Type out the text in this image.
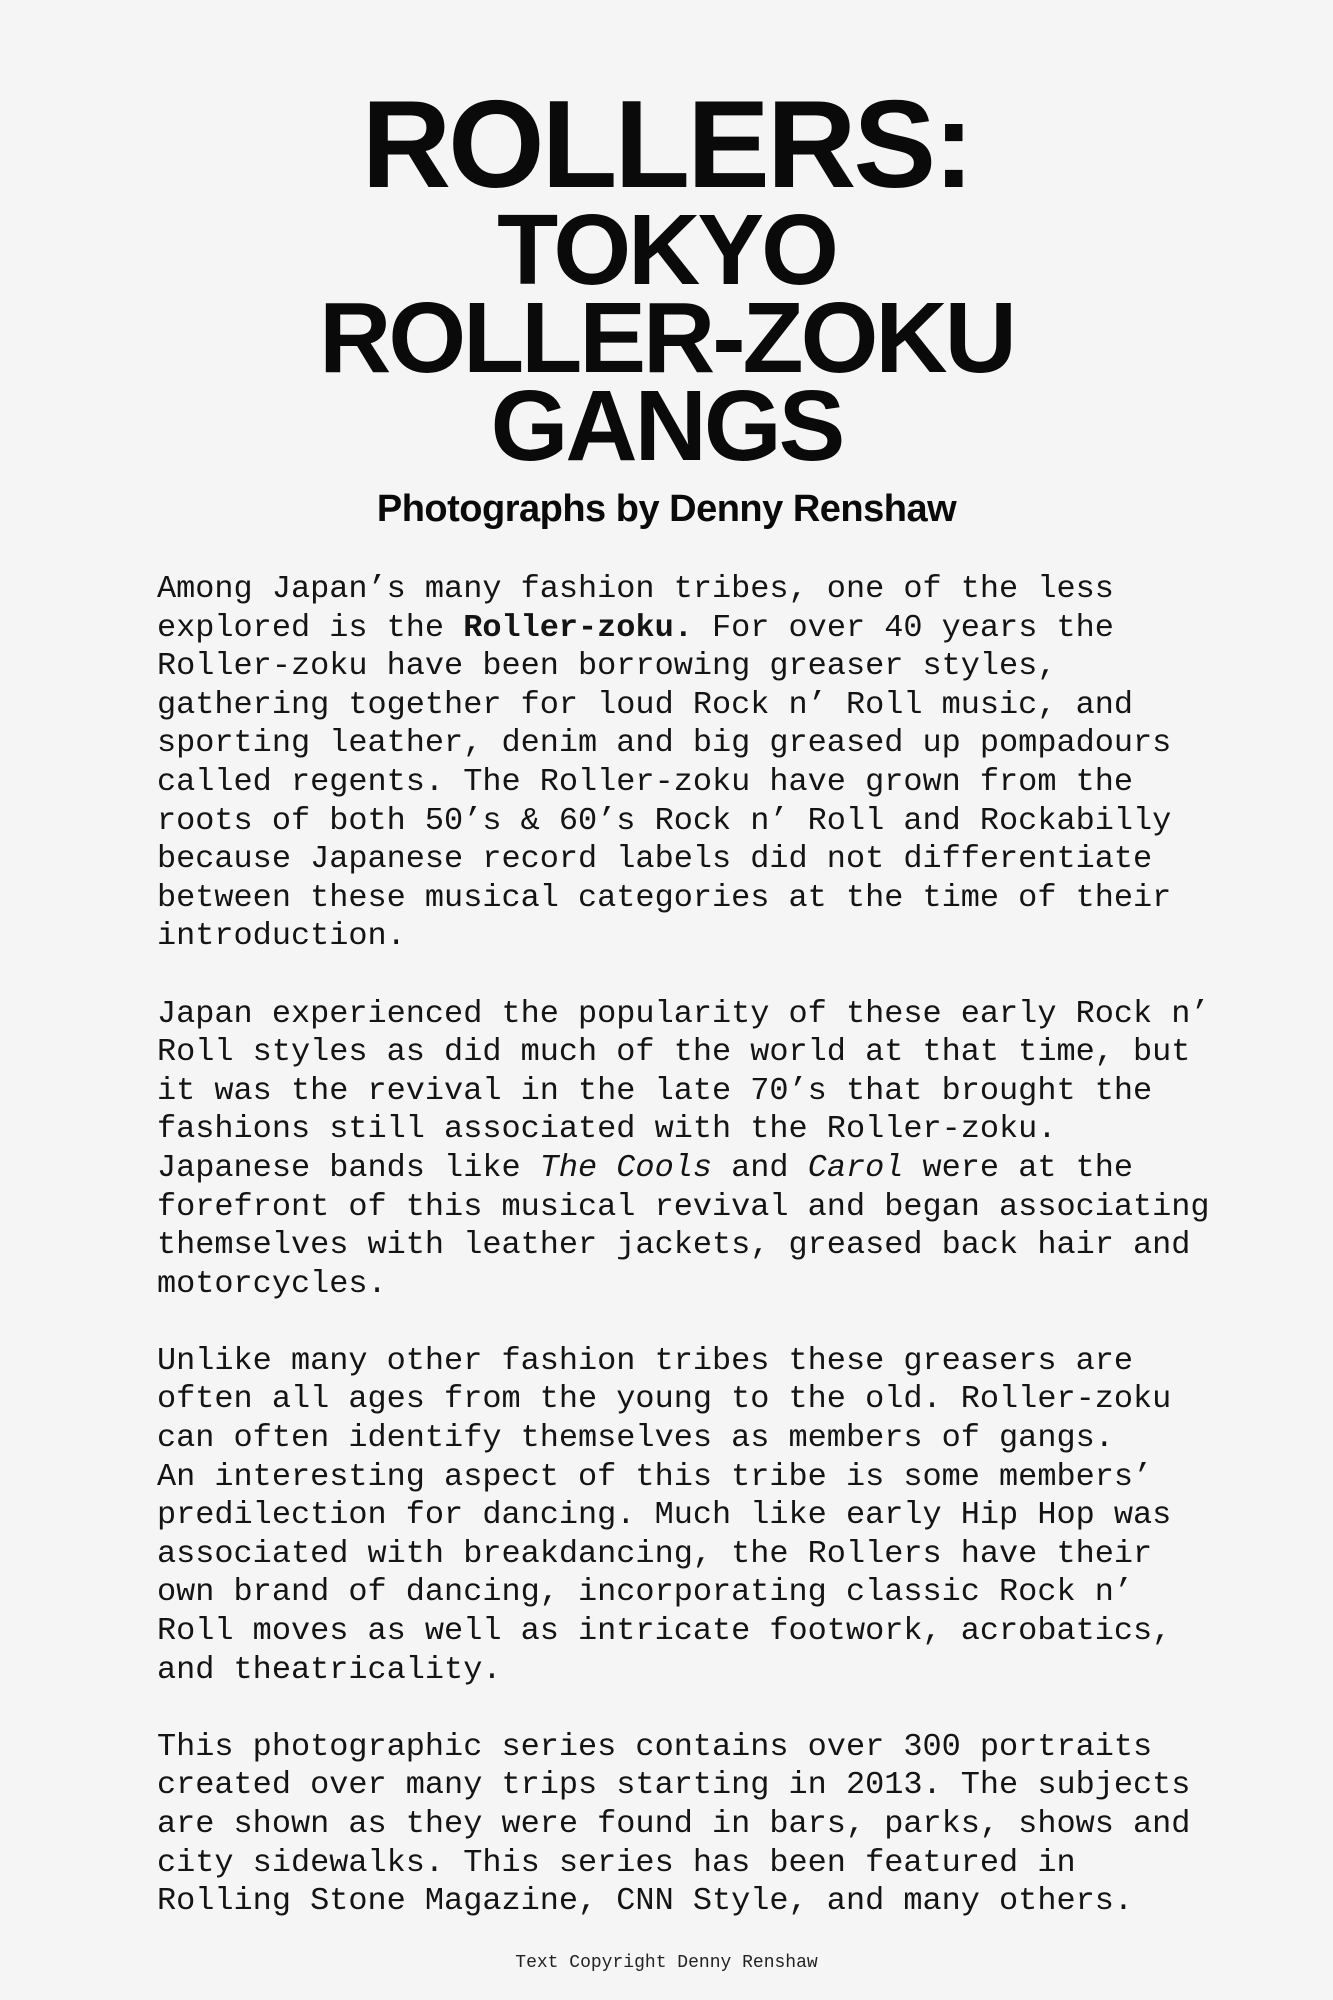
ROLLERS:
TOKYO
ROLLER-ZOKU
GANGS
Photographs by Denny Renshaw
Among Japan’s many fashion tribes, one of the less
explored is the Roller-zoku. For over 40 years the
Roller-zoku have been borrowing greaser styles,
gathering together for loud Rock n’ Roll music, and
sporting leather, denim and big greased up pompadours
called regents. The Roller-zoku have grown from the
roots of both 50’s & 60’s Rock n’ Roll and Rockabilly
because Japanese record labels did not differentiate
between these musical categories at the time of their
introduction.
Japan experienced the popularity of these early Rock n’
Roll styles as did much of the world at that time, but
it was the revival in the late 70’s that brought the
fashions still associated with the Roller-zoku.
Japanese bands like The Cools and Carol were at the
forefront of this musical revival and began associating
themselves with leather jackets, greased back hair and
motorcycles.
Unlike many other fashion tribes these greasers are
often all ages from the young to the old. Roller-zoku
can often identify themselves as members of gangs.
An interesting aspect of this tribe is some members’
predilection for dancing. Much like early Hip Hop was
associated with breakdancing, the Rollers have their
own brand of dancing, incorporating classic Rock n’
Roll moves as well as intricate footwork, acrobatics,
and theatricality.
This photographic series contains over 300 portraits
created over many trips starting in 2013. The subjects
are shown as they were found in bars, parks, shows and
city sidewalks. This series has been featured in
Rolling Stone Magazine, CNN Style, and many others.
Text Copyright Denny Renshaw
